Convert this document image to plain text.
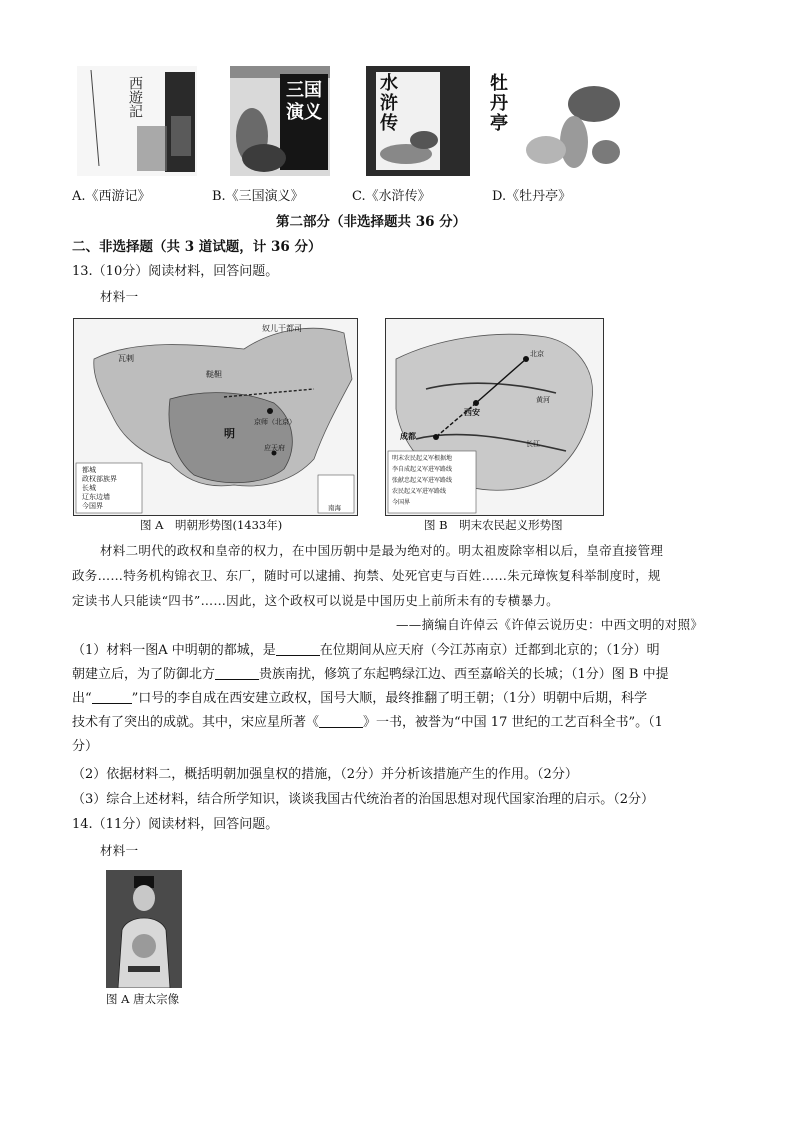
西遊記	三国演义
水浒传
牡丹亭
A.《西游记》	B.《三国演义》	C.《水浒传》	D.《牡丹亭》
第二部分（非选择题共 36 分）
二、非选择题（共 3 道试题，计 36 分）
13.（10分）阅读材料，回答问题。
材料一
奴儿干都司
瓦剌
鞑靼
明
京师（北京）
应天府
都城
政权部族界
长城
辽东边墙
今国界	南海
图 A　明朝形势图(1433年)
北京
西安
成都
黄河
长江
明末农民起义军根据地
李自成起义军进军路线
张献忠起义军进军路线
农民起义军进军路线
今国界
图 B　明末农民起义形势图
材料二明代的政权和皇帝的权力，在中国历朝中是最为绝对的。明太祖废除宰相以后，皇帝直接管理
政务……特务机构锦衣卫、东厂，随时可以逮捕、拘禁、处死官吏与百姓……朱元璋恢复科举制度时，规
定读书人只能读“四书”……因此，这个政权可以说是中国历史上前所未有的专横暴力。
——摘编自许倬云《许倬云说历史：中西文明的对照》
（1）材料一图A 中明朝的都城，是	在位期间从应天府（今江苏南京）迁都到北京的；（1分）明
朝建立后，为了防御北方	贵族南扰，修筑了东起鸭绿江边、西至嘉峪关的长城；（1分）图 B 中提
出“	”口号的李自成在西安建立政权，国号大顺，最终推翻了明王朝；（1分）明朝中后期，科学
技术有了突出的成就。其中，宋应星所著《	》一书，被誉为“中国 17 世纪的工艺百科全书”。（1
分）
（2）依据材料二，概括明朝加强皇权的措施，（2分）并分析该措施产生的作用。（2分）
（3）综合上述材料，结合所学知识，谈谈我国古代统治者的治国思想对现代国家治理的启示。（2分）
14.（11分）阅读材料，回答问题。
材料一
图 A 唐太宗像
